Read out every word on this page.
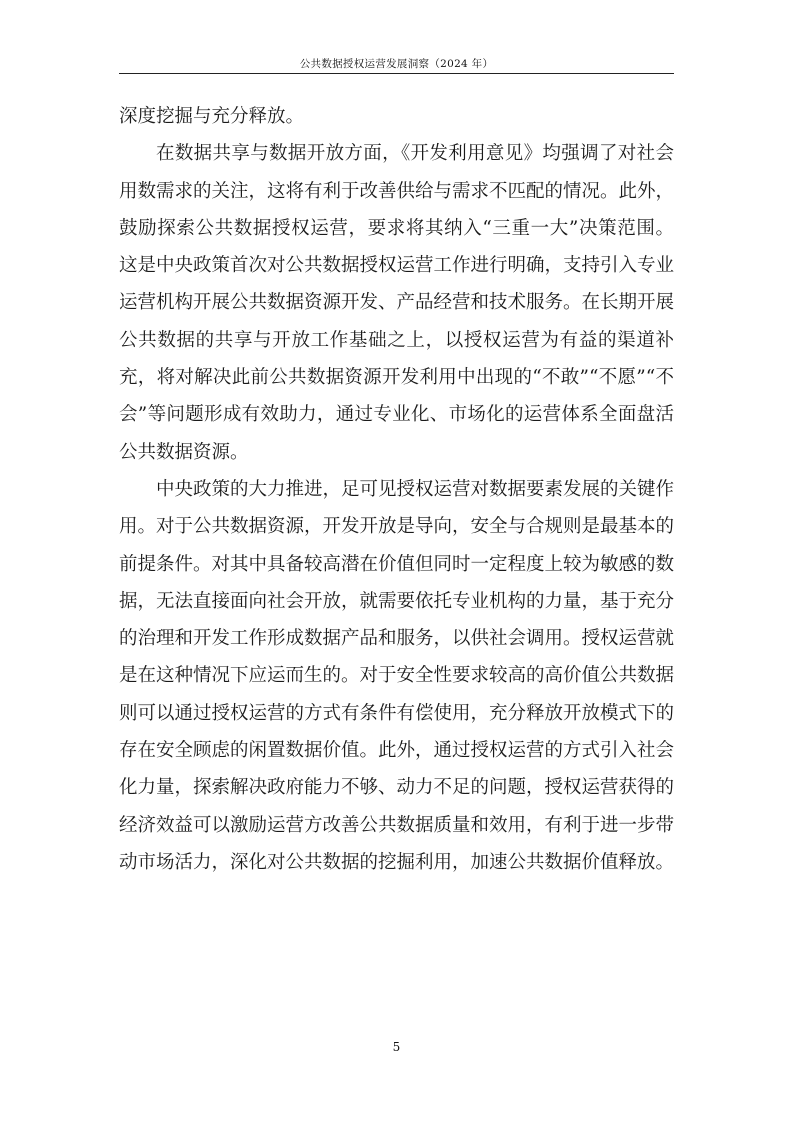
公共数据授权运营发展洞察（2024 年）

深度挖掘与充分释放。

在数据共享与数据开放方面，《开发利用意见》均强调了对社会用数需求的关注，这将有利于改善供给与需求不匹配的情况。此外，鼓励探索公共数据授权运营，要求将其纳入“三重一大”决策范围。这是中央政策首次对公共数据授权运营工作进行明确，支持引入专业运营机构开展公共数据资源开发、产品经营和技术服务。在长期开展公共数据的共享与开放工作基础之上，以授权运营为有益的渠道补充，将对解决此前公共数据资源开发利用中出现的“不敢”“不愿”“不会”等问题形成有效助力，通过专业化、市场化的运营体系全面盘活公共数据资源。

中央政策的大力推进，足可见授权运营对数据要素发展的关键作用。对于公共数据资源，开发开放是导向，安全与合规则是最基本的前提条件。对其中具备较高潜在价值但同时一定程度上较为敏感的数据，无法直接面向社会开放，就需要依托专业机构的力量，基于充分的治理和开发工作形成数据产品和服务，以供社会调用。授权运营就是在这种情况下应运而生的。对于安全性要求较高的高价值公共数据则可以通过授权运营的方式有条件有偿使用，充分释放开放模式下的存在安全顾虑的闲置数据价值。此外，通过授权运营的方式引入社会化力量，探索解决政府能力不够、动力不足的问题，授权运营获得的经济效益可以激励运营方改善公共数据质量和效用，有利于进一步带动市场活力，深化对公共数据的挖掘利用，加速公共数据价值释放。

5
